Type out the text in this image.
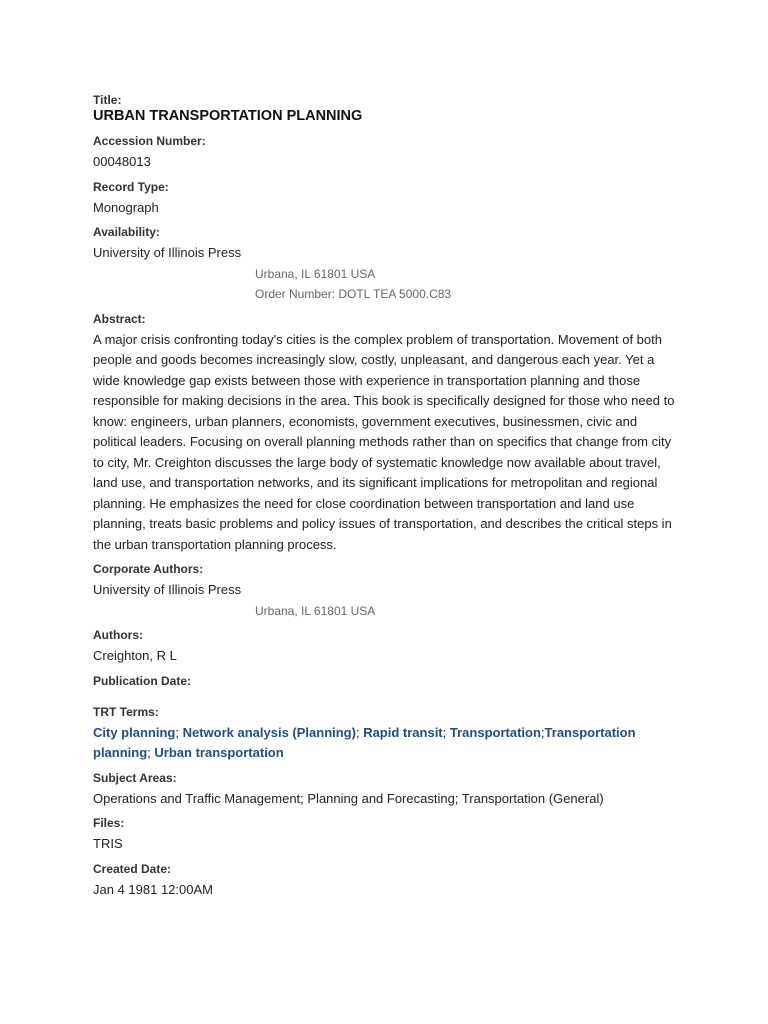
Title:
URBAN TRANSPORTATION PLANNING
Accession Number:
00048013
Record Type:
Monograph
Availability:
University of Illinois Press
Urbana, IL 61801 USA
Order Number: DOTL TEA 5000.C83
Abstract:
A major crisis confronting today's cities is the complex problem of transportation. Movement of both people and goods becomes increasingly slow, costly, unpleasant, and dangerous each year. Yet a wide knowledge gap exists between those with experience in transportation planning and those responsible for making decisions in the area. This book is specifically designed for those who need to know: engineers, urban planners, economists, government executives, businessmen, civic and political leaders. Focusing on overall planning methods rather than on specifics that change from city to city, Mr. Creighton discusses the large body of systematic knowledge now available about travel, land use, and transportation networks, and its significant implications for metropolitan and regional planning. He emphasizes the need for close coordination between transportation and land use planning, treats basic problems and policy issues of transportation, and describes the critical steps in the urban transportation planning process.
Corporate Authors:
University of Illinois Press
Urbana, IL 61801 USA
Authors:
Creighton, R L
Publication Date:
TRT Terms:
City planning; Network analysis (Planning); Rapid transit; Transportation;Transportation planning; Urban transportation
Subject Areas:
Operations and Traffic Management; Planning and Forecasting; Transportation (General)
Files:
TRIS
Created Date:
Jan 4 1981 12:00AM
